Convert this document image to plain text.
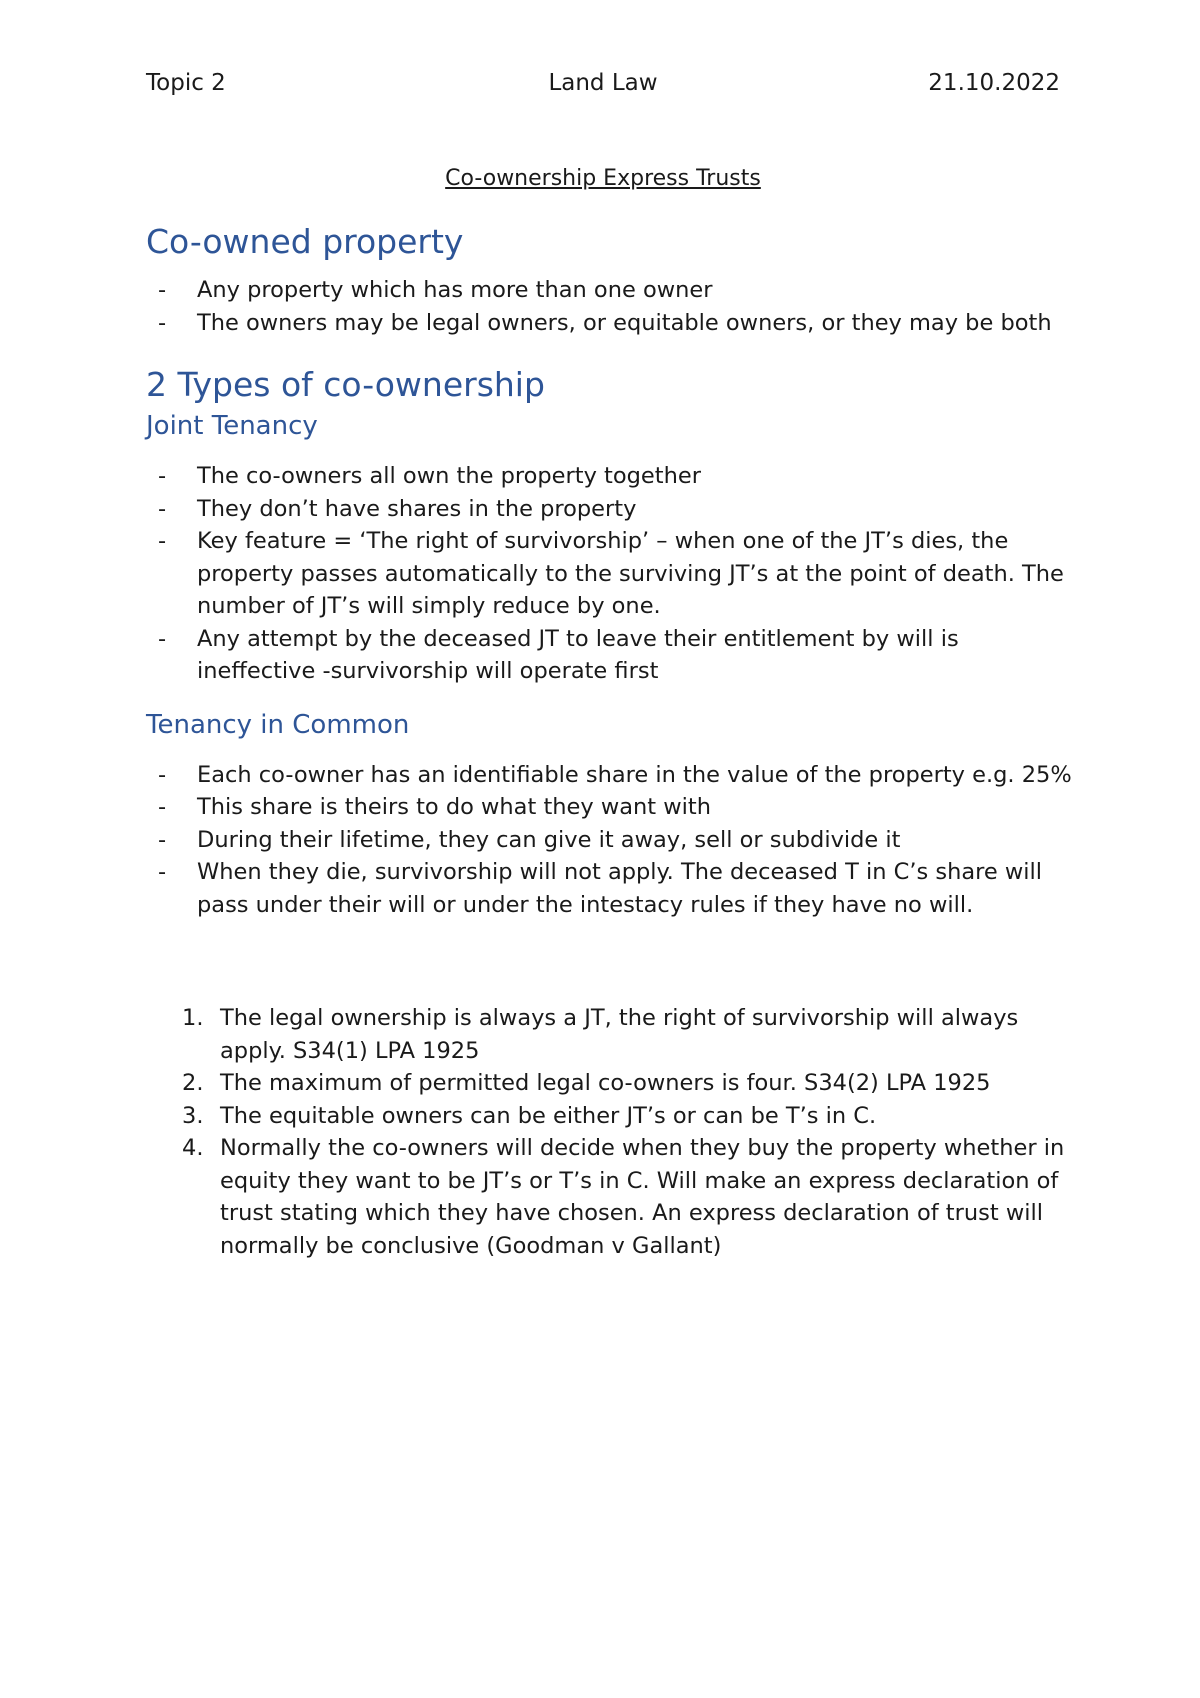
Topic 2	Land Law	21.10.2022

Co-ownership Express Trusts

Co-owned property
- Any property which has more than one owner
- The owners may be legal owners, or equitable owners, or they may be both
2 Types of co-ownership
Joint Tenancy
- The co-owners all own the property together
- They don’t have shares in the property
- Key feature = ‘The right of survivorship’ – when one of the JT’s dies, the property passes automatically to the surviving JT’s at the point of death. The number of JT’s will simply reduce by one.
- Any attempt by the deceased JT to leave their entitlement by will is ineffective -survivorship will operate first
Tenancy in Common
- Each co-owner has an identifiable share in the value of the property e.g. 25%
- This share is theirs to do what they want with
- During their lifetime, they can give it away, sell or subdivide it
- When they die, survivorship will not apply. The deceased T in C’s share will pass under their will or under the intestacy rules if they have no will.
1. The legal ownership is always a JT, the right of survivorship will always apply. S34(1) LPA 1925
2. The maximum of permitted legal co-owners is four. S34(2) LPA 1925
3. The equitable owners can be either JT’s or can be T’s in C.
4. Normally the co-owners will decide when they buy the property whether in equity they want to be JT’s or T’s in C. Will make an express declaration of trust stating which they have chosen. An express declaration of trust will normally be conclusive (Goodman v Gallant)
